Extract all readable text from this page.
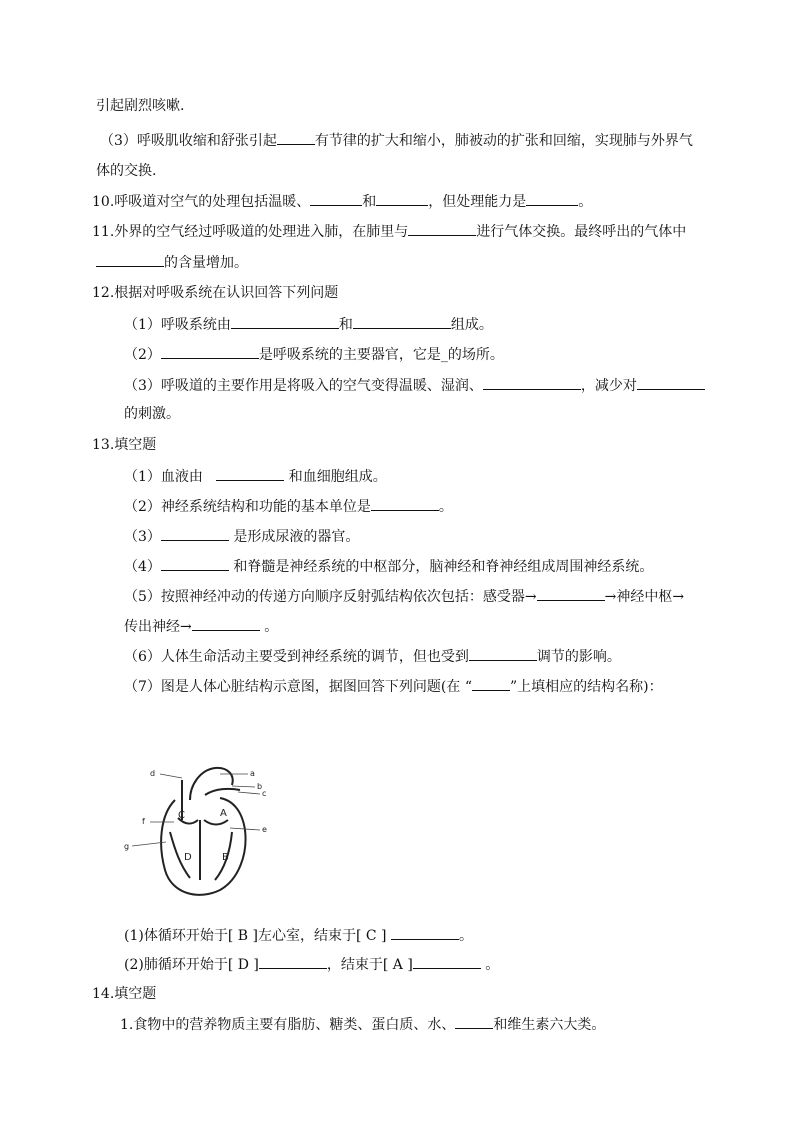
引起剧烈咳嗽.
（3）呼吸肌收缩和舒张引起	有节律的扩大和缩小，肺被动的扩张和回缩，实现肺与外界气
体的交换.
10.呼吸道对空气的处理包括温暖、	和	，但处理能力是	。
11.外界的空气经过呼吸道的处理进入肺，在肺里与	进行气体交换。最终呼出的气体中
的含量增加。
12.根据对呼吸系统在认识回答下列问题
（1）呼吸系统由	和	组成。
（2）	是呼吸系统的主要器官，它是_的场所。
（3）呼吸道的主要作用是将吸入的空气变得温暖、湿润、	，减少对
的刺激。
13.填空题
（1）血液由	和血细胞组成。
（2）神经系统结构和功能的基本单位是	。
（3）	是形成尿液的器官。
（4）	和脊髓是神经系统的中枢部分，脑神经和脊神经组成周围神经系统。
（5）按照神经冲动的传递方向顺序反射弧结构依次包括：感受器→	→神经中枢→
传出神经→	。
（6）人体生命活动主要受到神经系统的调节，但也受到	调节的影响。
（7）图是人体心脏结构示意图，据图回答下列问题(在 “	”上填相应的结构名称)：
d	a
b
c
f
g
e
C	A
D	B
(1)体循环开始于[ B ]左心室，结束于[ C ]	。
(2)肺循环开始于[ D ]	，结束于[ A ]	。
14.填空题
1.食物中的营养物质主要有脂肪、糖类、蛋白质、水、	和维生素六大类。
